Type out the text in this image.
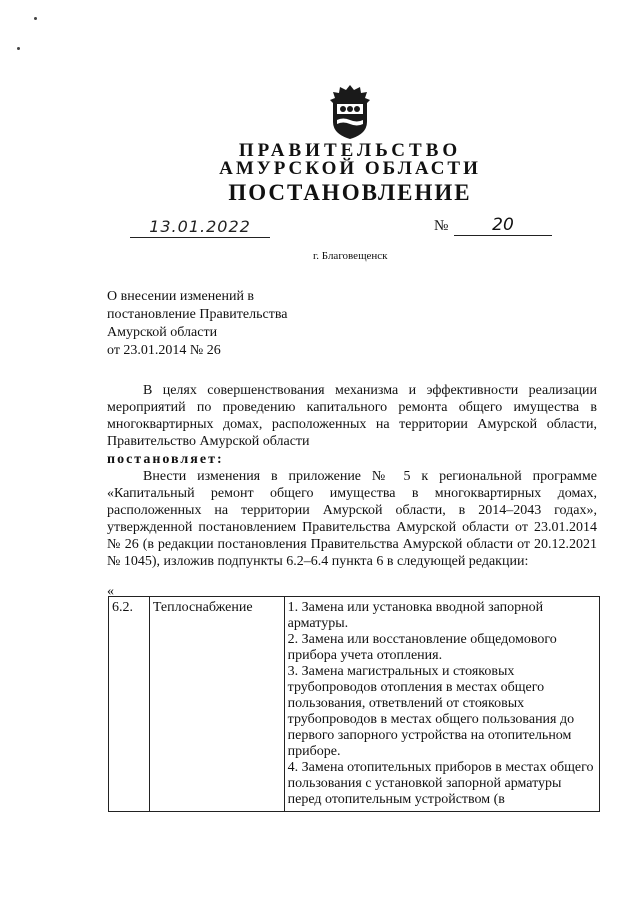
ПРАВИТЕЛЬСТВО
АМУРСКОЙ ОБЛАСТИ
ПОСТАНОВЛЕНИЕ
13.01.2022	№	20
г. Благовещенск
О внесении изменений в
постановление Правительства
Амурской области
от 23.01.2014 № 26
В целях совершенствования механизма и эффективности реализации мероприятий по проведению капитального ремонта общего имущества в многоквартирных домах, расположенных на территории Амурской области, Правительство Амурской области
постановляет:
Внести изменения в приложение № 5 к региональной программе «Капитальный ремонт общего имущества в многоквартирных домах, расположенных на территории Амурской области, в 2014–2043 годах», утвержденной постановлением Правительства Амурской области от 23.01.2014 № 26 (в редакции постановления Правительства Амурской области от 20.12.2021 № 1045), изложив подпункты 6.2–6.4 пункта 6 в следующей редакции:
«
6.2.	Теплоснабжение	1. Замена или установка вводной запорной арматуры.
2. Замена или восстановление общедомового прибора учета отопления.
3. Замена магистральных и стояковых трубопроводов отопления в местах общего пользования, ответвлений от стояковых трубопроводов в местах общего пользования до первого запорного устройства на отопительном приборе.
4. Замена отопительных приборов в местах общего пользования с установкой запорной арматуры перед отопительным устройством (в
